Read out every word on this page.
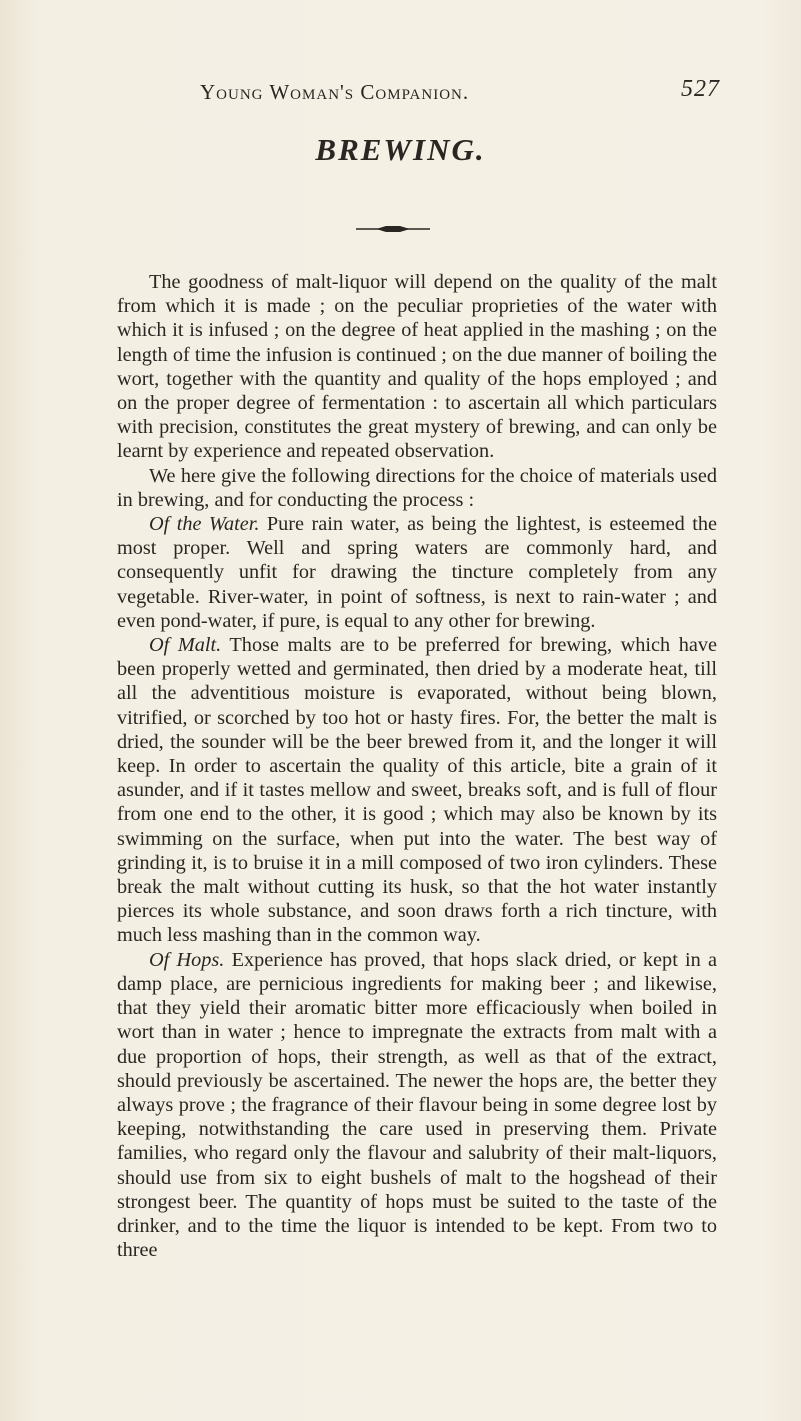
Young Woman's Companion.	527
BREWING.

The goodness of malt-liquor will depend on the quality of the malt from which it is made ; on the peculiar proprieties of the water with which it is infused ; on the degree of heat applied in the mashing ; on the length of time the infusion is continued ; on the due manner of boiling the wort, together with the quantity and quality of the hops employed ; and on the proper degree of fermentation : to ascertain all which particulars with precision, constitutes the great mystery of brewing, and can only be learnt by experience and repeated observation.

We here give the following directions for the choice of materials used in brewing, and for conducting the process :

Of the Water. Pure rain water, as being the lightest, is esteemed the most proper. Well and spring waters are commonly hard, and consequently unfit for drawing the tincture completely from any vegetable. River-water, in point of softness, is next to rain-water ; and even pond-water, if pure, is equal to any other for brewing.

Of Malt. Those malts are to be preferred for brewing, which have been properly wetted and germinated, then dried by a moderate heat, till all the adventitious moisture is evaporated, without being blown, vitrified, or scorched by too hot or hasty fires. For, the better the malt is dried, the sounder will be the beer brewed from it, and the longer it will keep. In order to ascertain the quality of this article, bite a grain of it asunder, and if it tastes mellow and sweet, breaks soft, and is full of flour from one end to the other, it is good ; which may also be known by its swimming on the surface, when put into the water. The best way of grinding it, is to bruise it in a mill composed of two iron cylinders. These break the malt without cutting its husk, so that the hot water instantly pierces its whole substance, and soon draws forth a rich tincture, with much less mashing than in the common way.

Of Hops. Experience has proved, that hops slack dried, or kept in a damp place, are pernicious ingredients for making beer ; and likewise, that they yield their aromatic bitter more efficaciously when boiled in wort than in water ; hence to impregnate the extracts from malt with a due proportion of hops, their strength, as well as that of the extract, should previously be ascertained. The newer the hops are, the better they always prove ; the fragrance of their flavour being in some degree lost by keeping, notwithstanding the care used in preserving them. Private families, who regard only the flavour and salubrity of their malt-liquors, should use from six to eight bushels of malt to the hogshead of their strongest beer. The quantity of hops must be suited to the taste of the drinker, and to the time the liquor is intended to be kept. From two to three
